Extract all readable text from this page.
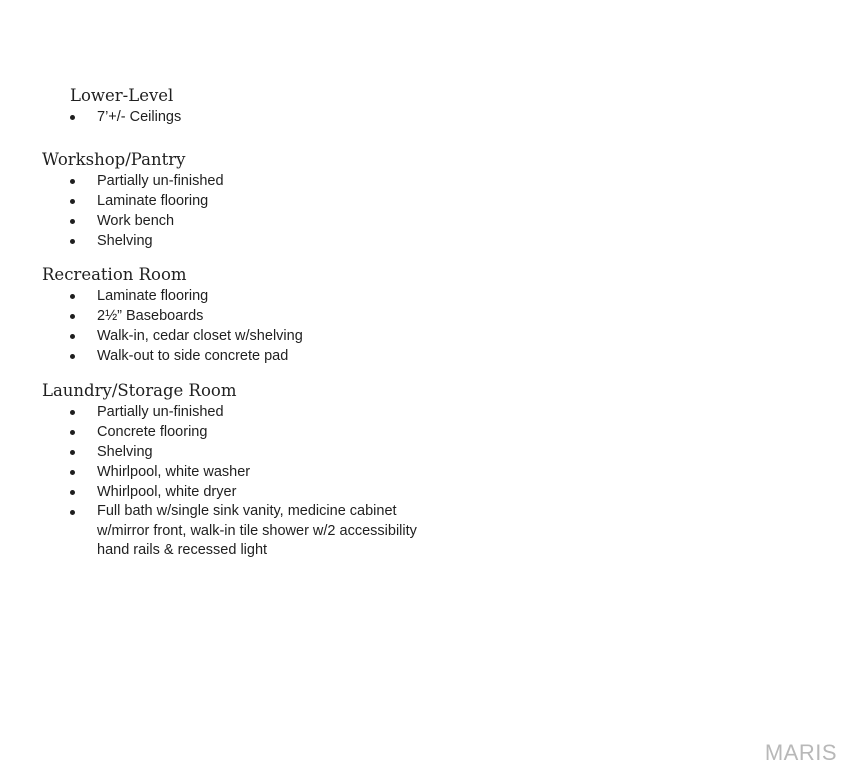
Lower-Level
7’+/- Ceilings
Workshop/Pantry
Partially un-finished
Laminate flooring
Work bench
Shelving
Recreation Room
Laminate flooring
2½” Baseboards
Walk-in, cedar closet w/shelving
Walk-out to side concrete pad
Laundry/Storage Room
Partially un-finished
Concrete flooring
Shelving
Whirlpool, white washer
Whirlpool, white dryer
Full bath w/single sink vanity, medicine cabinet w/mirror front, walk-in tile shower w/2 accessibility hand rails & recessed light
MARIS
